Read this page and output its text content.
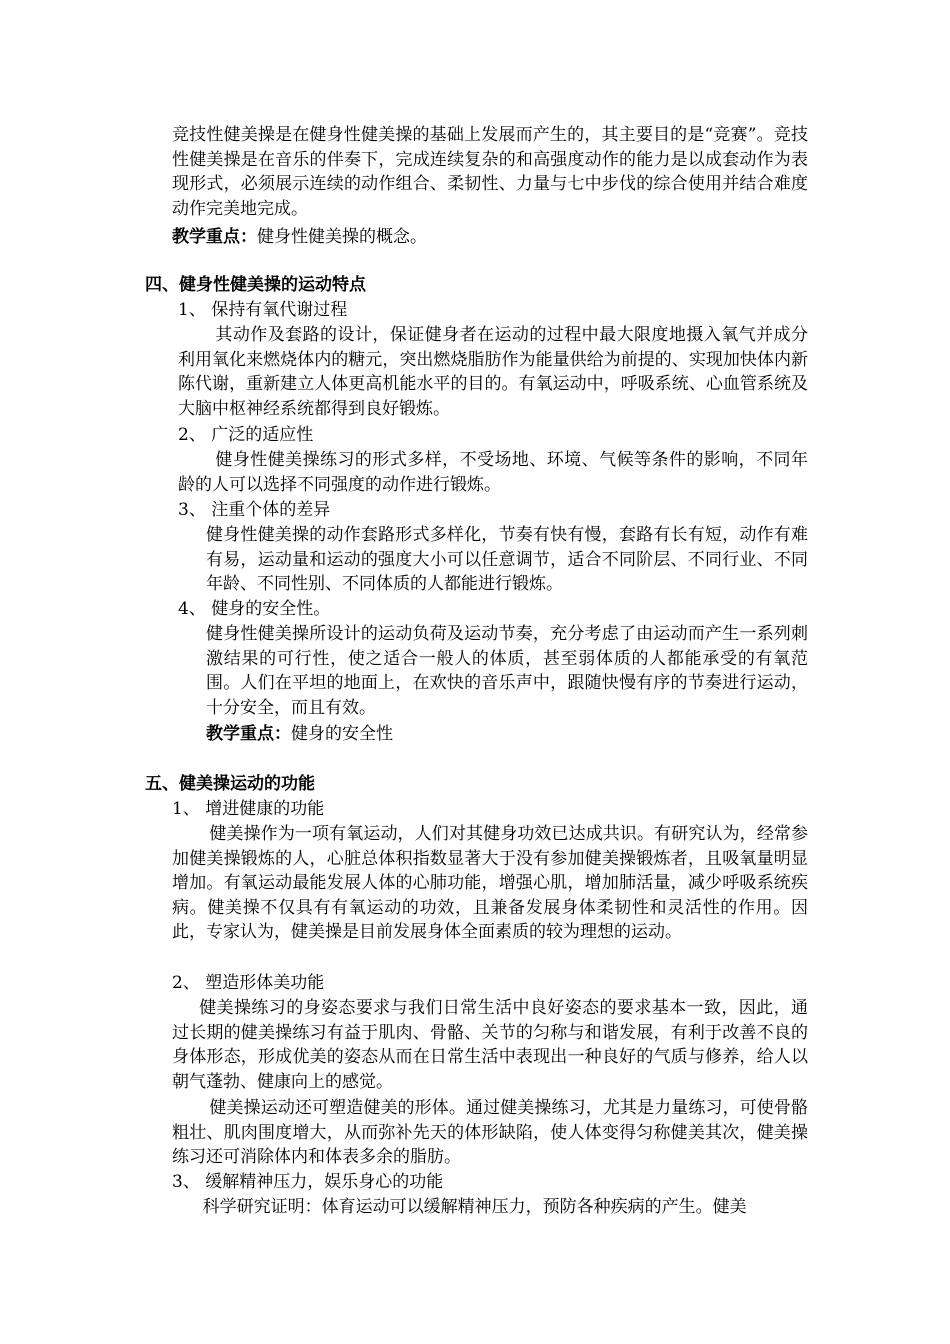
竞技性健美操是在健身性健美操的基础上发展而产生的，其主要目的是“竞赛”。竞技性健美操是在音乐的伴奏下，完成连续复杂的和高强度动作的能力是以成套动作为表现形式，必须展示连续的动作组合、柔韧性、力量与七中步伐的综合使用并结合难度动作完美地完成。
教学重点：健身性健美操的概念。
四、健身性健美操的运动特点
1、 保持有氧代谢过程
其动作及套路的设计，保证健身者在运动的过程中最大限度地摄入氧气并成分利用氧化来燃烧体内的糖元，突出燃烧脂肪作为能量供给为前提的、实现加快体内新陈代谢，重新建立人体更高机能水平的目的。有氧运动中，呼吸系统、心血管系统及大脑中枢神经系统都得到良好锻炼。
2、 广泛的适应性
健身性健美操练习的形式多样，不受场地、环境、气候等条件的影响，不同年龄的人可以选择不同强度的动作进行锻炼。
3、 注重个体的差异
健身性健美操的动作套路形式多样化，节奏有快有慢，套路有长有短，动作有难有易，运动量和运动的强度大小可以任意调节，适合不同阶层、不同行业、不同年龄、不同性别、不同体质的人都能进行锻炼。
4、 健身的安全性。
健身性健美操所设计的运动负荷及运动节奏，充分考虑了由运动而产生一系列刺激结果的可行性，使之适合一般人的体质，甚至弱体质的人都能承受的有氧范围。人们在平坦的地面上，在欢快的音乐声中，跟随快慢有序的节奏进行运动，十分安全，而且有效。
教学重点：健身的安全性
五、健美操运动的功能
1、 增进健康的功能
健美操作为一项有氧运动，人们对其健身功效已达成共识。有研究认为，经常参加健美操锻炼的人，心脏总体积指数显著大于没有参加健美操锻炼者，且吸氧量明显增加。有氧运动最能发展人体的心肺功能，增强心肌，增加肺活量，减少呼吸系统疾病。健美操不仅具有有氧运动的功效，且兼备发展身体柔韧性和灵活性的作用。因此，专家认为，健美操是目前发展身体全面素质的较为理想的运动。
2、 塑造形体美功能
健美操练习的身姿态要求与我们日常生活中良好姿态的要求基本一致，因此，通过长期的健美操练习有益于肌肉、骨骼、关节的匀称与和谐发展，有利于改善不良的身体形态，形成优美的姿态从而在日常生活中表现出一种良好的气质与修养，给人以朝气蓬勃、健康向上的感觉。
健美操运动还可塑造健美的形体。通过健美操练习，尤其是力量练习，可使骨骼粗壮、肌肉围度增大，从而弥补先天的体形缺陷，使人体变得匀称健美其次，健美操练习还可消除体内和体表多余的脂肪。
3、 缓解精神压力，娱乐身心的功能
科学研究证明：体育运动可以缓解精神压力，预防各种疾病的产生。健美
